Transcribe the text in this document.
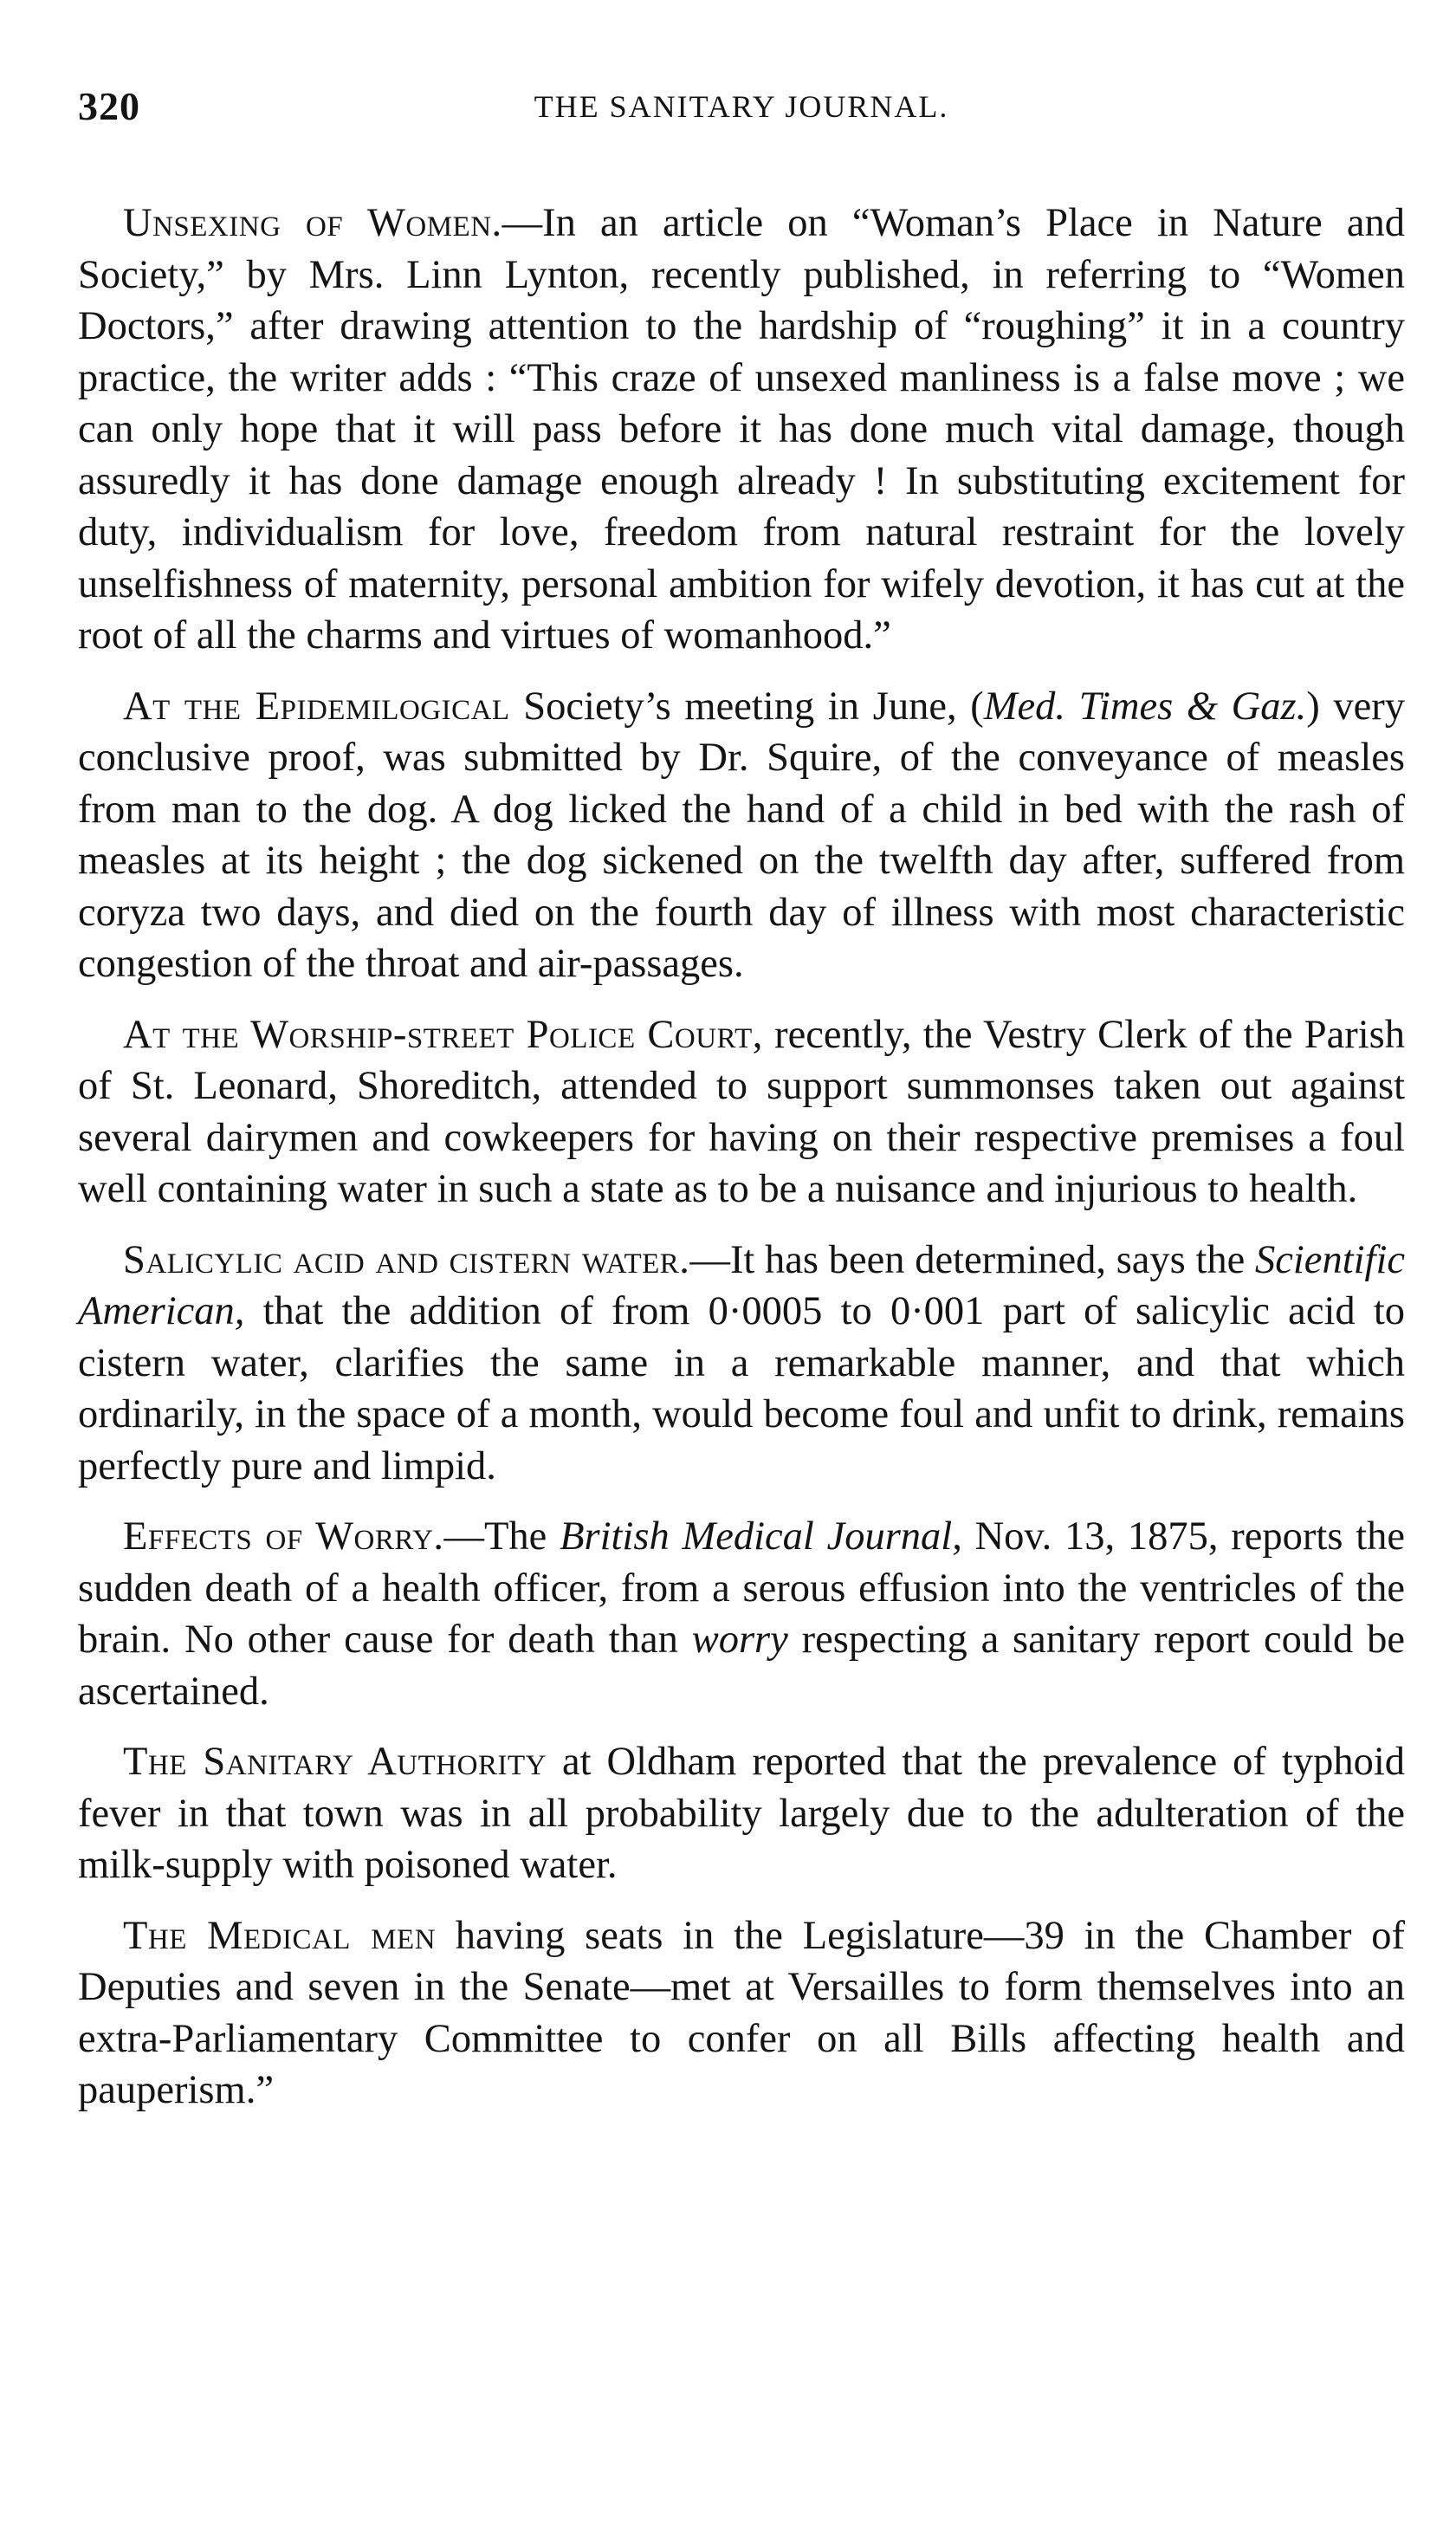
320	THE SANITARY JOURNAL.

Unsexing of Women.—In an article on “Woman’s Place in Nature and Society,” by Mrs. Linn Lynton, recently published, in referring to “Women Doctors,” after drawing attention to the hardship of “roughing” it in a country practice, the writer adds : “This craze of unsexed manliness is a false move ; we can only hope that it will pass before it has done much vital damage, though assuredly it has done damage enough already ! In substituting excitement for duty, individualism for love, freedom from natural restraint for the lovely unselfishness of maternity, personal ambition for wifely devotion, it has cut at the root of all the charms and virtues of womanhood.”

At the Epidemilogical Society’s meeting in June, (Med. Times & Gaz.) very conclusive proof, was submitted by Dr. Squire, of the conveyance of measles from man to the dog. A dog licked the hand of a child in bed with the rash of measles at its height ; the dog sickened on the twelfth day after, suffered from coryza two days, and died on the fourth day of illness with most characteristic congestion of the throat and air-passages.

At the Worship-street Police Court, recently, the Vestry Clerk of the Parish of St. Leonard, Shoreditch, attended to support summonses taken out against several dairymen and cowkeepers for having on their respective premises a foul well containing water in such a state as to be a nuisance and injurious to health.

Salicylic acid and cistern water.—It has been determined, says the Scientific American, that the addition of from 0·0005 to 0·001 part of salicylic acid to cistern water, clarifies the same in a remarkable manner, and that which ordinarily, in the space of a month, would become foul and unfit to drink, remains perfectly pure and limpid.

Effects of Worry.—The British Medical Journal, Nov. 13, 1875, reports the sudden death of a health officer, from a serous effusion into the ventricles of the brain. No other cause for death than worry respecting a sanitary report could be ascertained.

The Sanitary Authority at Oldham reported that the prevalence of typhoid fever in that town was in all probability largely due to the adulteration of the milk-supply with poisoned water.

The Medical men having seats in the Legislature—39 in the Chamber of Deputies and seven in the Senate—met at Versailles to form themselves into an extra-Parliamentary Committee to confer on all Bills affecting health and pauperism.”
